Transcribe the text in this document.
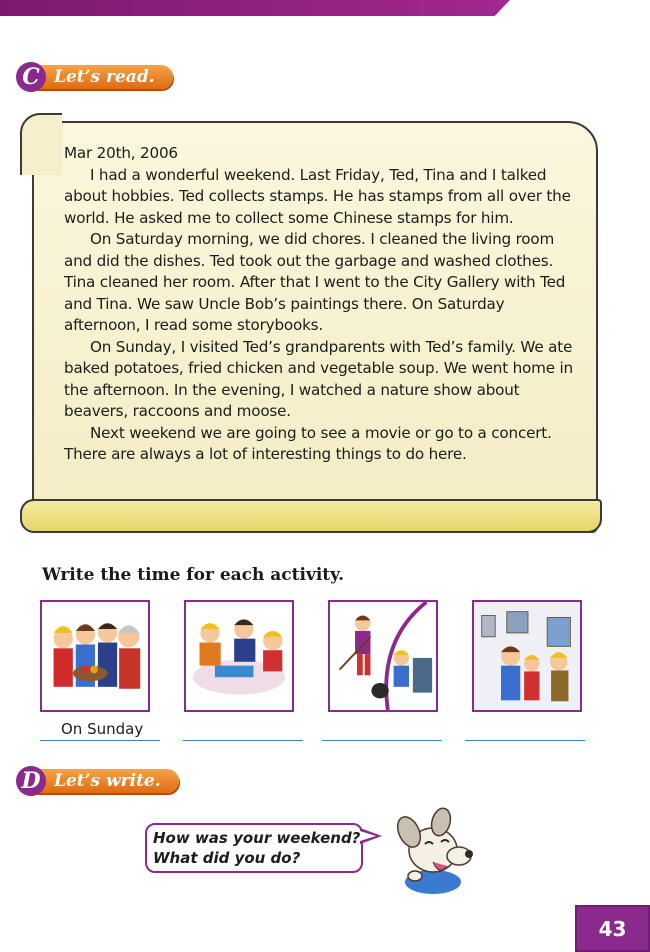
C Let’s read.

Mar 20th, 2006

I had a wonderful weekend. Last Friday, Ted, Tina and I talked about hobbies. Ted collects stamps. He has stamps from all over the world. He asked me to collect some Chinese stamps for him.

On Saturday morning, we did chores. I cleaned the living room and did the dishes. Ted took out the garbage and washed clothes. Tina cleaned her room. After that I went to the City Gallery with Ted and Tina. We saw Uncle Bob’s paintings there. On Saturday afternoon, I read some storybooks.

On Sunday, I visited Ted’s grandparents with Ted’s family. We ate baked potatoes, fried chicken and vegetable soup. We went home in the afternoon. In the evening, I watched a nature show about beavers, raccoons and moose.

Next weekend we are going to see a movie or go to a concert. There are always a lot of interesting things to do here.

Write the time for each activity.
On Sunday
D Let’s write.
How was your weekend?
What did you do?
43
